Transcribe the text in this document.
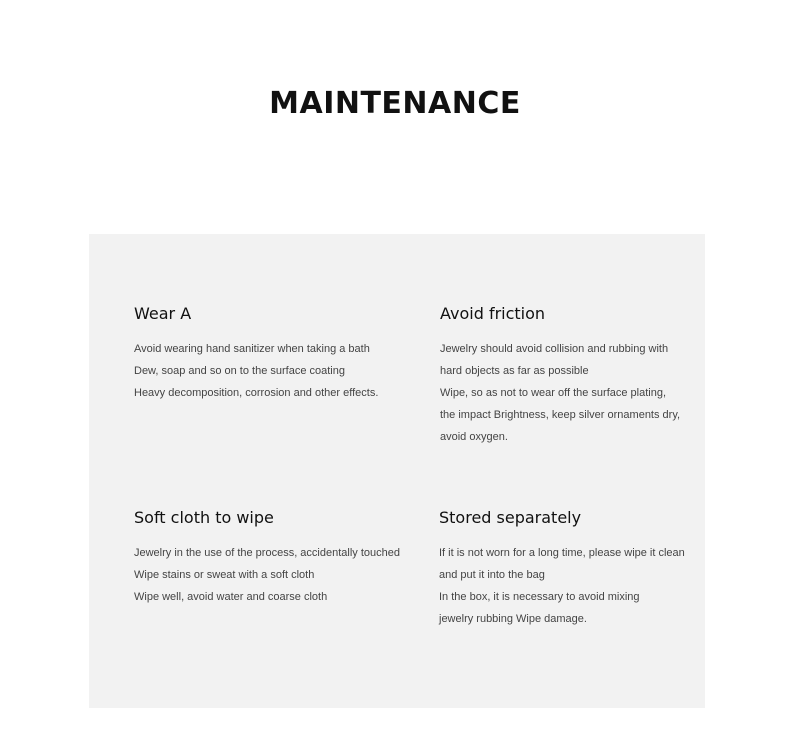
MAINTENANCE

Wear A

Avoid wearing hand sanitizer when taking a bath

Dew, soap and so on to the surface coating

Heavy decomposition, corrosion and other effects.

Avoid friction

Jewelry should avoid collision and rubbing with

hard objects as far as possible

Wipe, so as not to wear off the surface plating,

the impact Brightness, keep silver ornaments dry,

avoid oxygen.

Soft cloth to wipe

Jewelry in the use of the process, accidentally touched

Wipe stains or sweat with a soft cloth

Wipe well, avoid water and coarse cloth

Stored separately

If it is not worn for a long time, please wipe it clean

and put it into the bag

In the box, it is necessary to avoid mixing

jewelry rubbing Wipe damage.
